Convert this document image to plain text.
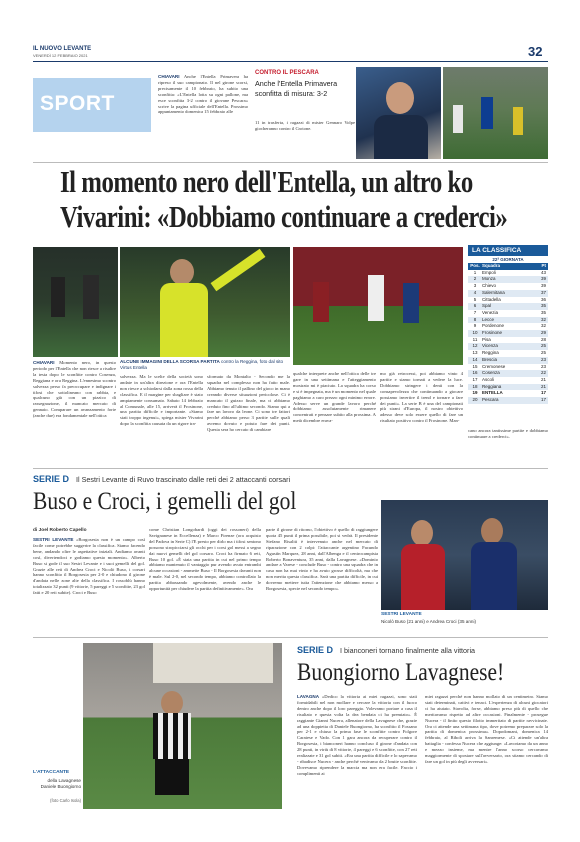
IL NUOVO LEVANTE
VENERDÌ 12 FEBBRAIO 2021	32
SPORT
CHIAVARI Anche l'Entella Primavera ha ripreso il suo campionato. Il nel girone scorsi, precisamente il 10 febbraio, ha subito una sconfitta: «L'Entella lotta su ogni pallone, ma esce sconfitta 3-2 contro il giovane Pescara» scrive la pagina ufficiale dell'Entella. Prossimo appuntamento domenica 15 febbraio alle
CONTRO IL PESCARA
Anche l'Entella Primavera sconfitta di misura: 3-2
11 in trasferta, i ragazzi di mister Gennaro Volpe giocheranno contro il Crotone.
Il momento nero dell'Entella, un altro ko
Vivarini: «Dobbiamo continuare a crederci»
ALCUNE IMMAGINI DELLA SCORSA PARTITA contro la Reggina, foto dal sito Virtus Entella
CHIAVARI Momento nero, in questo periodo per l'Entella che non riesce a risalire la testa dopo le sconfitte contro Cosenza, Reggiana e ora Reggina. L'ennesimo scontro salvezza perso fa preoccupare e indignare i tifosi che sottolineano con rabbia, e qualcuno già con un pizzico di rassegnazione, il mancato mercato di gennaio. Comparare un avanzamento forte (anche due) era fondamentale nell'ottica
salvezza. Ma le scelte della società sono andate in un'altra direzione e ora l'Entella non riesce a schiodarsi dalla zona rossa della classifica. E il margine per sbagliare è stato ampiamente consumato. Sabato 14 febbraio al Comunale, alle 15, arriverà il Frosinone, una partita difficile e importante. «Siamo stati troppo ingenui», spiega mister Vivarini dopo la sconfitta causata da un rigore tra-
sformato da Montalto - Secondo me la squadra nel complesso non ha fatto male. Abbiamo tenuto il pallino del gioco in mano creando diverse situazioni pericolose. Ci è mancato il guizzo finale, ma ci abbiamo creduto fino all'ultimo secondo. Siamo qui a fare un lavoro da leone. Ci sono tre fattori perché abbiamo perso 3 partite sulle quali avremo dovuto e potuto fare dei punti. Questa sera ho cercato di cambiare
qualche interprete anche nell'ottica delle tre gare in una settimana e l'atteggiamento mostrato mi è piaciuto. La squadra ha corso e si è impegnata, ma è un momento nel quale paghiamo a caro prezzo ogni minimo errore. Adesso serve un grande lavoro perché dobbiamo assolutamente rimanere concentrati e pensare subito alla prossima. A metà dicembre erava-
mo già retrocessi, poi abbiamo vinto 4 partite e siamo tornati a vedere la luce. Dobbiamo stringere i denti con la consapevolezza che continuando a giocare possiamo invertire il trend e tornare a fare dei punti». La serie B è una del campionati più strani d'Europa, il nostro obiettivo adesso deve solo essere quello di fare un risultato positivo contro il Frosinone. Man-
cano ancora tantissime partite e dobbiamo continuare a crederci».
LA CLASSIFICA
22ª GIORNATA
Pos. Squadra	Pt
1	Empoli	43
2	Monza	39
3	Chievo	39
4	Salernitana	37
5	Cittadella	36
6	Spal	35
7	Venezia	35
8	Lecce	32
9	Pordenone	32
10	Frosinone	29
11	Pisa	28
12	Vicenza	25
13	Reggina	25
14	Brescia	23
15	Cremonese	23
16	Cosenza	22
17	Ascoli	21
18	Reggiana	21
19	ENTELLA	17
20	Pescara	17
SERIE D Il Sestri Levante di Ruvo trascinato dalle reti dei 2 attaccanti corsari
Buso e Croci, i gemelli del gol
di Joel Roberto Capello
SESTRI LEVANTE «Borgosesia non è un campo così facile come potrebbe suggerire la classifica. Siamo facendo bene, andando oltre le aspettative iniziali. Andiamo avanti così, divertendoci e godiamo questo momento». Alberto Buso si gode il suo Sestri Levante e i suoi gemelli del gol. Grazie alle reti di Andrea Croci e Nicolò Buso, i corsari hanno sconfitto il Borgosesia per 2-0 e chiudono il girone d'andata nelle zone alte della classifica. I rossoblù hanno totalizzato 32 punti (9 vittorie, 5 pareggi e 5 sconfitte, 23 gol fatti e 20 reti subite). Croci e Buso
come Christian Longobardi (oggi dei rossoneri) della Savignanese in Eccellenza) e Marco Firenze (ora acquisto del Padova in Serie C) l'E presto per dirlo ma i tifosi sentono possono stropicciarsi gli occhi per i corsi gol messi a segno dai nuovi gemelli del gol corsaro. Croci ha firmato 6 reti, Buso 10 gol. «È stata una partita in cui nel primo tempo abbiamo mantenuto il vantaggio pur avendo avuto entrambi alcune occasioni - ammette Buso - Il Borgosesia davanti non è male. Sul 2-0, nel secondo tempo, abbiamo controllato la partita abbassando agevolmente, avendo anche le opportunità per chiudere la partita definitivamente». Ora
parte il girone di ritorno, l'obiettivo è quello di raggiungere quota 45 punti il prima possibile, poi si vedrà. Il presidente Stefano Risaliti è intervenuto anche nel mercato di riparazione con 2 colpi: l'attaccante argentino Facundo Agustín Marquez, 28 anni, dall'Albenga e il centrocampista Roberto Bonaventura, 35 anni, dalla Lavagnese. «Dominio andare a Varese - conclude Buso - contro una squadra che in casa non ha mai vinto e ha avuto grosse difficoltà, ma che non merita questa classifica. Sarà una partita difficile, in cui dovremo mettere tutta l'attenzione che abbiamo messo a Borgosesia, specie nel secondo tempo».
SESTRI LEVANTE
Nicolò Buso (21 anni) e Andrea Croci (35 anni)
L'ATTACCANTE
della Lavagnese Daniele Buongiorno
(foto Carlo Isola)
SERIE D I bianconeri tornano finalmente alla vittoria
Buongiorno Lavagnese!
LAVAGNA «Dedico la vittoria ai miei ragazzi, sono stati formidabili nel non mollare e cercare la vittoria con il fuoco dentro anche dopo il loro pareggio. Volevamo portare a casa il risultato e questa volta la dea bendata ci ha premiato». È raggiante Gianni Nucera, allenatore della Lavagnese che, grazie ad una doppietta di Daniele Buongiorno, ha sconfitto il Fossano per 2-1 e chiuso la prima fase le sconfitte contro Folgore Caratese e Vado. Con 1 gara ancora da recuperare contro il Borgosesia, i bianconeri hanno concluso il girone d'andata con 28 punti, in virtù di 8 vittorie, 4 pareggi e 6 sconfitte, con 27 reti realizzate e 31 gol subiti. «Era una partita difficile e lo sapevamo - ribadisce Nucera - anche perché venivamo da 2 brutte sconfitte. Dovevamo riprendere la marcia ma non era facile. Faccio i complimenti ai
miei ragazzi perché non hanno mollato di un centimetro. Siamo stati determinati, cattivi e tenaci. L'esperienza di alcuni giocatori ci ha aiutato. Stavolta, forse, abbiamo preso più di quello che meritavamo rispetto ad altre occasioni. Finalmente - prosegue Nucera - il finito questo filotto immeritato di partite ravvicinate. Ora ci attende una settimana tipo, dove potremo preparare solo la partita di domenica prossima». Dopodomani, domenica 14 febbraio, al Riboli arriva la Sanremese. «Ci attende un'altra battaglia - confessa Nucera che aggiunge: «Lavoriamo da un anno e mezzo insieme, ma mentre l'anno scorso cercavamo maggiormente di spostare sull'avversario, ora stiamo cercando di fare un gol in più degli avversari».
